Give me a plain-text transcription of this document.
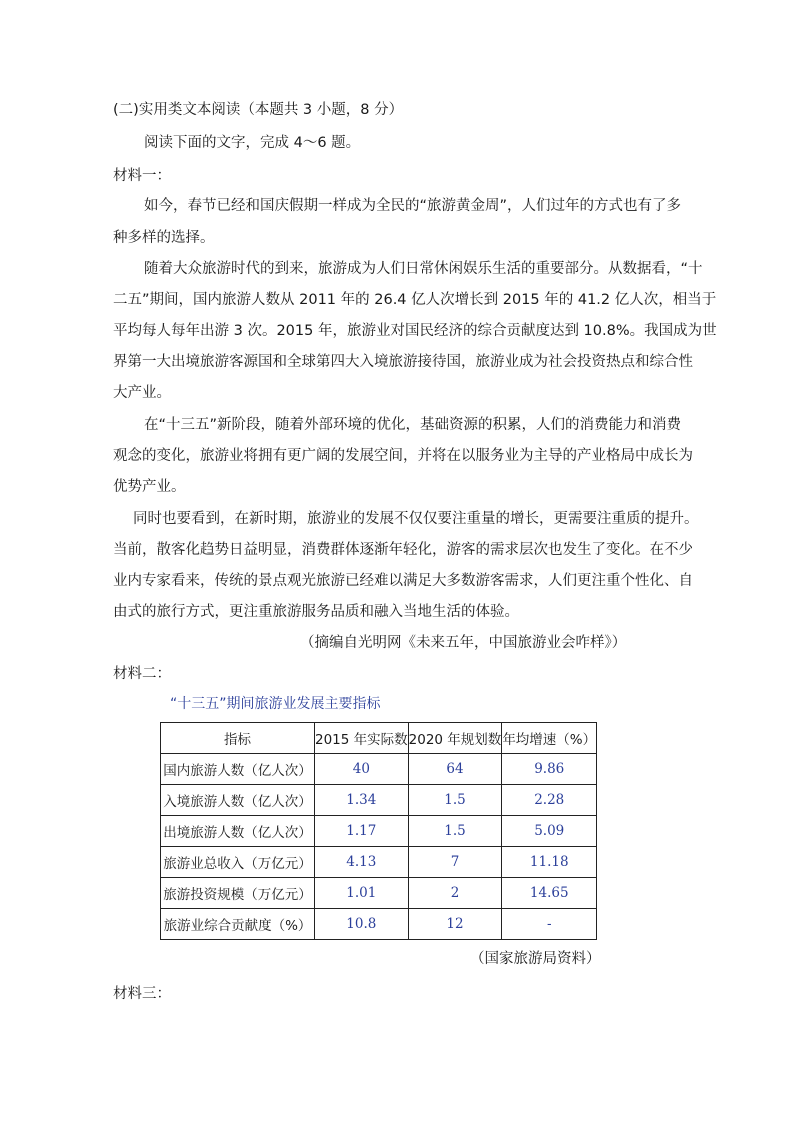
(二)实用类文本阅读（本题共 3 小题，8 分）
阅读下面的文字，完成 4～6 题。
材料一：
如今，春节已经和国庆假期一样成为全民的“旅游黄金周”，人们过年的方式也有了多
种多样的选择。
随着大众旅游时代的到来，旅游成为人们日常休闲娱乐生活的重要部分。从数据看，“十
二五”期间，国内旅游人数从 2011 年的 26.4 亿人次增长到 2015 年的 41.2 亿人次，相当于
平均每人每年出游 3 次。2015 年，旅游业对国民经济的综合贡献度达到 10.8%。我国成为世
界第一大出境旅游客源国和全球第四大入境旅游接待国，旅游业成为社会投资热点和综合性
大产业。
在“十三五”新阶段，随着外部环境的优化，基础资源的积累，人们的消费能力和消费
观念的变化，旅游业将拥有更广阔的发展空间，并将在以服务业为主导的产业格局中成长为
优势产业。
同时也要看到，在新时期，旅游业的发展不仅仅要注重量的增长，更需要注重质的提升。
当前，散客化趋势日益明显，消费群体逐渐年轻化，游客的需求层次也发生了变化。在不少
业内专家看来，传统的景点观光旅游已经难以满足大多数游客需求，人们更注重个性化、自
由式的旅行方式，更注重旅游服务品质和融入当地生活的体验。
（摘编自光明网《未来五年，中国旅游业会咋样》）
材料二：
“十三五”期间旅游业发展主要指标
指标	2015 年实际数	2020 年规划数	年均增速（%）
国内旅游人数（亿人次）	40	64	9.86
入境旅游人数（亿人次）	1.34	1.5	2.28
出境旅游人数（亿人次）	1.17	1.5	5.09
旅游业总收入（万亿元）	4.13	7	11.18
旅游投资规模（万亿元）	1.01	2	14.65
旅游业综合贡献度（%）	10.8	12	-
（国家旅游局资料）
材料三：
